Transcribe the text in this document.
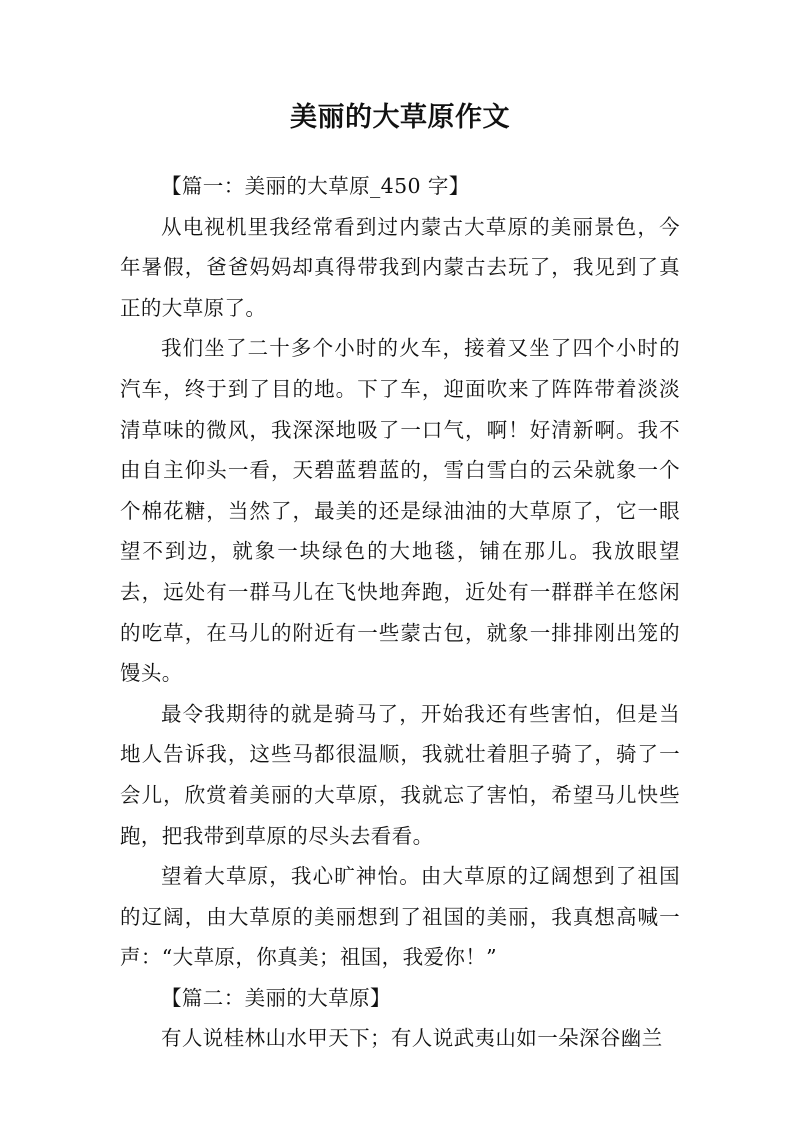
美丽的大草原作文

【篇一：美丽的大草原_450 字】

从电视机里我经常看到过内蒙古大草原的美丽景色，今年暑假，爸爸妈妈却真得带我到内蒙古去玩了，我见到了真正的大草原了。

我们坐了二十多个小时的火车，接着又坐了四个小时的汽车，终于到了目的地。下了车，迎面吹来了阵阵带着淡淡清草味的微风，我深深地吸了一口气，啊！好清新啊。我不由自主仰头一看，天碧蓝碧蓝的，雪白雪白的云朵就象一个个棉花糖，当然了，最美的还是绿油油的大草原了，它一眼望不到边，就象一块绿色的大地毯，铺在那儿。我放眼望去，远处有一群马儿在飞快地奔跑，近处有一群群羊在悠闲的吃草，在马儿的附近有一些蒙古包，就象一排排刚出笼的馒头。

最令我期待的就是骑马了，开始我还有些害怕，但是当地人告诉我，这些马都很温顺，我就壮着胆子骑了，骑了一会儿，欣赏着美丽的大草原，我就忘了害怕，希望马儿快些跑，把我带到草原的尽头去看看。

望着大草原，我心旷神怡。由大草原的辽阔想到了祖国的辽阔，由大草原的美丽想到了祖国的美丽，我真想高喊一声：“大草原，你真美；祖国，我爱你！”

【篇二：美丽的大草原】

有人说桂林山水甲天下；有人说武夷山如一朵深谷幽兰
